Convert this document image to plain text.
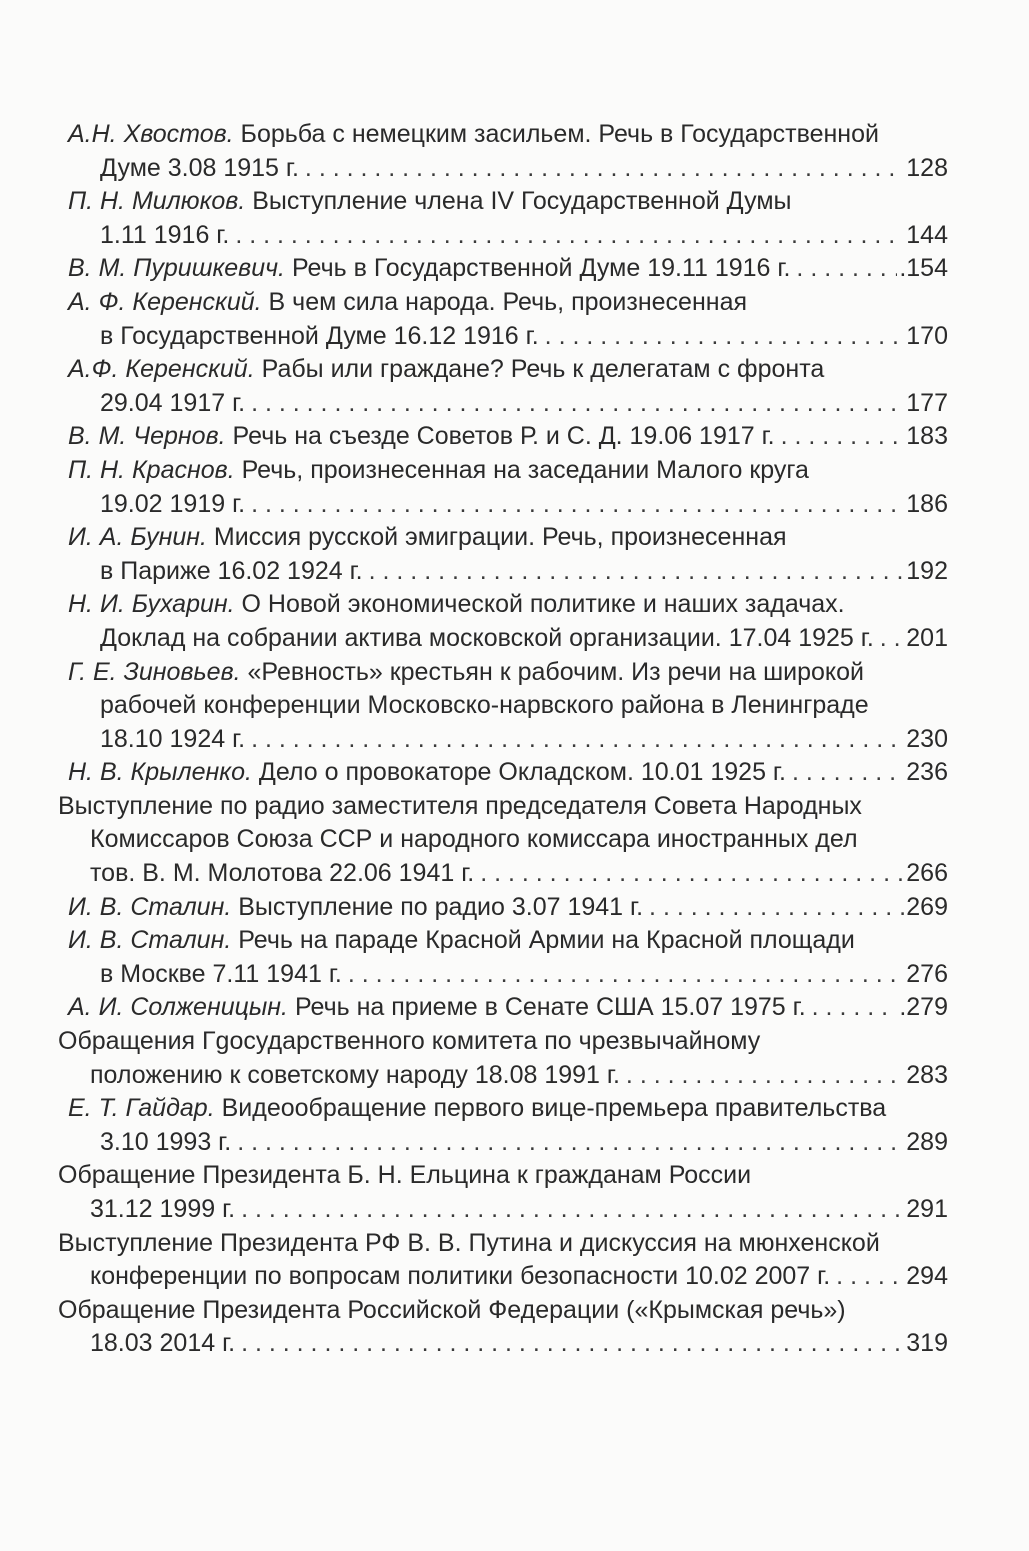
А.Н. Хвостов. Борьба с немецким засильем. Речь в Государственной
Думе 3.08 1915 г. . . .	128
П. Н. Милюков. Выступление члена IV Государственной Думы
1.11 1916 г. . . .	144
В. М. Пуришкевич. Речь в Государственной Думе 19.11 1916 г. . . .	.154
А. Ф. Керенский. В чем сила народа. Речь, произнесенная
в Государственной Думе 16.12 1916 г. . . .	170
А.Ф. Керенский. Рабы или граждане? Речь к делегатам с фронта
29.04 1917 г. . . .	177
В. М. Чернов. Речь на съезде Советов Р. и С. Д. 19.06 1917 г. . . .	183
П. Н. Краснов. Речь, произнесенная на заседании Малого круга
19.02 1919 г. . . .	186
И. А. Бунин. Миссия русской эмиграции. Речь, произнесенная
в Париже 16.02 1924 г. . . .	192
Н. И. Бухарин. О Новой экономической политике и наших задачах.
Доклад на собрании актива московской организации. 17.04 1925 г. . . . 201
Г. Е. Зиновьев. «Ревность» крестьян к рабочим. Из речи на широкой
рабочей конференции Московско-нарвского района в Ленинграде
18.10 1924 г. . . .	230
Н. В. Крыленко. Дело о провокаторе Окладском. 10.01 1925 г. . . .	236
Выступление по радио заместителя председателя Совета Народных
Комиссаров Союза ССР и народного комиссара иностранных дел
тов. В. М. Молотова 22.06 1941 г. . . .	266
И. В. Сталин. Выступление по радио 3.07 1941 г. . . .	269
И. В. Сталин. Речь на параде Красной Армии на Красной площади
в Москве 7.11 1941 г. . . .	276
А. И. Солженицын. Речь на приеме в Сенате США 15.07 1975 г. . . .	.279
Обращения Гgосударственного комитета по чрезвычайному
положению к советскому народу 18.08 1991 г. . . .	283
Е. Т. Гайдар. Видеообращение первого вице-премьера правительства
3.10 1993 г. . . .	289
Обращение Президента Б. Н. Ельцина к гражданам России
31.12 1999 г. . . .	291
Выступление Президента РФ В. В. Путина и дискуссия на мюнхенской
конференции по вопросам политики безопасности 10.02 2007 г. . . .	294
Обращение Президента Российской Федерации («Крымская речь»)
18.03 2014 г. . . .	319
